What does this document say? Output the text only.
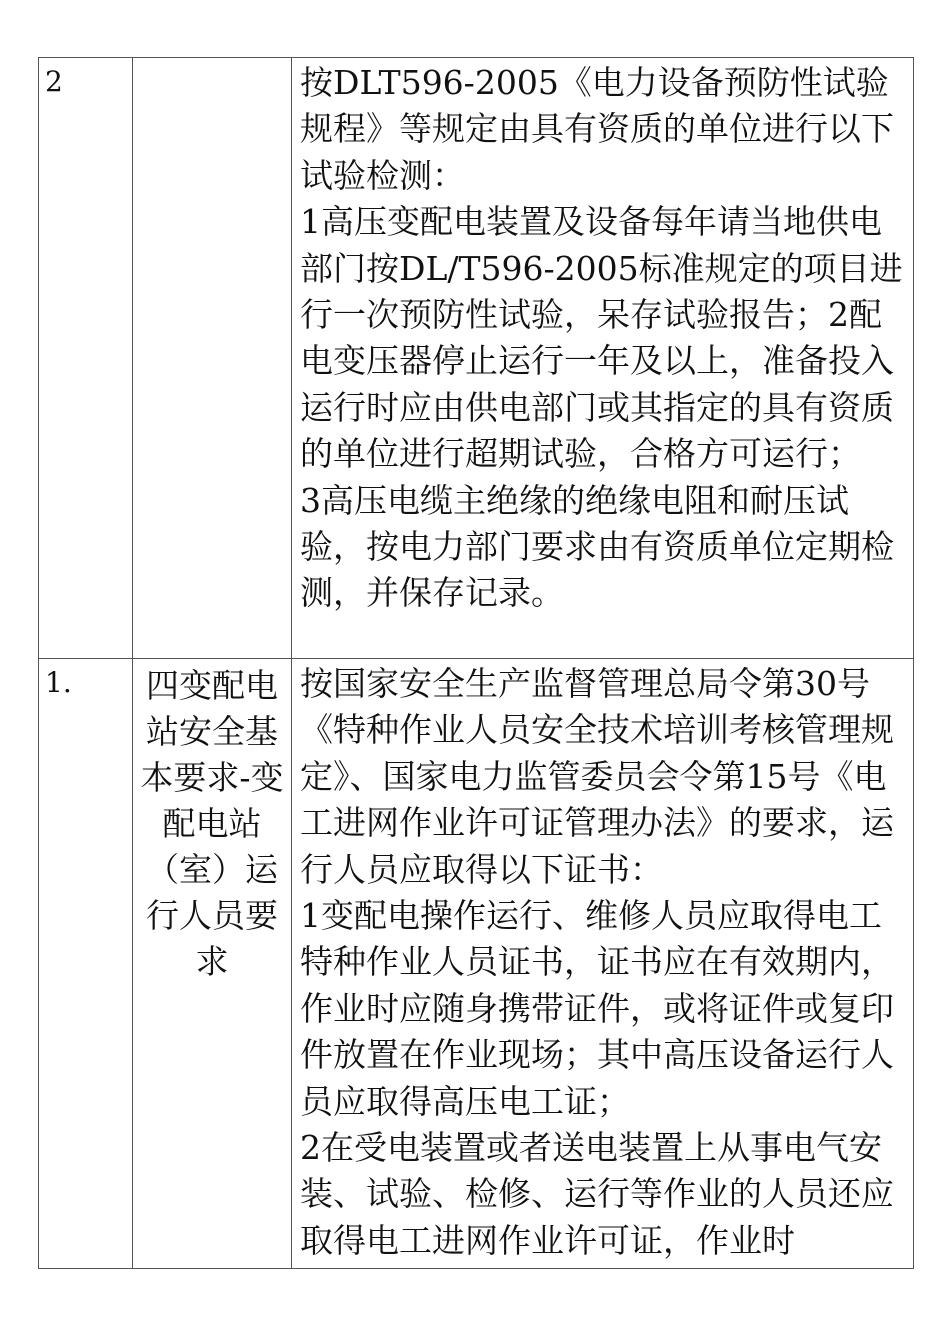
2		按DLT596-2005《电力设备预防性试验规程》等规定由具有资质的单位进行以下试验检测：
1高压变配电装置及设备每年请当地供电部门按DL/T596-2005标准规定的项目进行一次预防性试验，呆存试验报告；2配电变压器停止运行一年及以上，准备投入运行时应由供电部门或其指定的具有资质的单位进行超期试验，合格方可运行；
3高压电缆主绝缘的绝缘电阻和耐压试验，按电力部门要求由有资质单位定期检测，并保存记录。

1.	四变配电站安全基本要求-变配电站（室）运行人员要求	按国家安全生产监督管理总局令第30号《特种作业人员安全技术培训考核管理规定》、国家电力监管委员会令第15号《电工进网作业许可证管理办法》的要求，运行人员应取得以下证书：
1变配电操作运行、维修人员应取得电工特种作业人员证书，证书应在有效期内，作业时应随身携带证件，或将证件或复印件放置在作业现场；其中高压设备运行人员应取得高压电工证；
2在受电装置或者送电装置上从事电气安装、试验、检修、运行等作业的人员还应取得电工进网作业许可证，作业时
